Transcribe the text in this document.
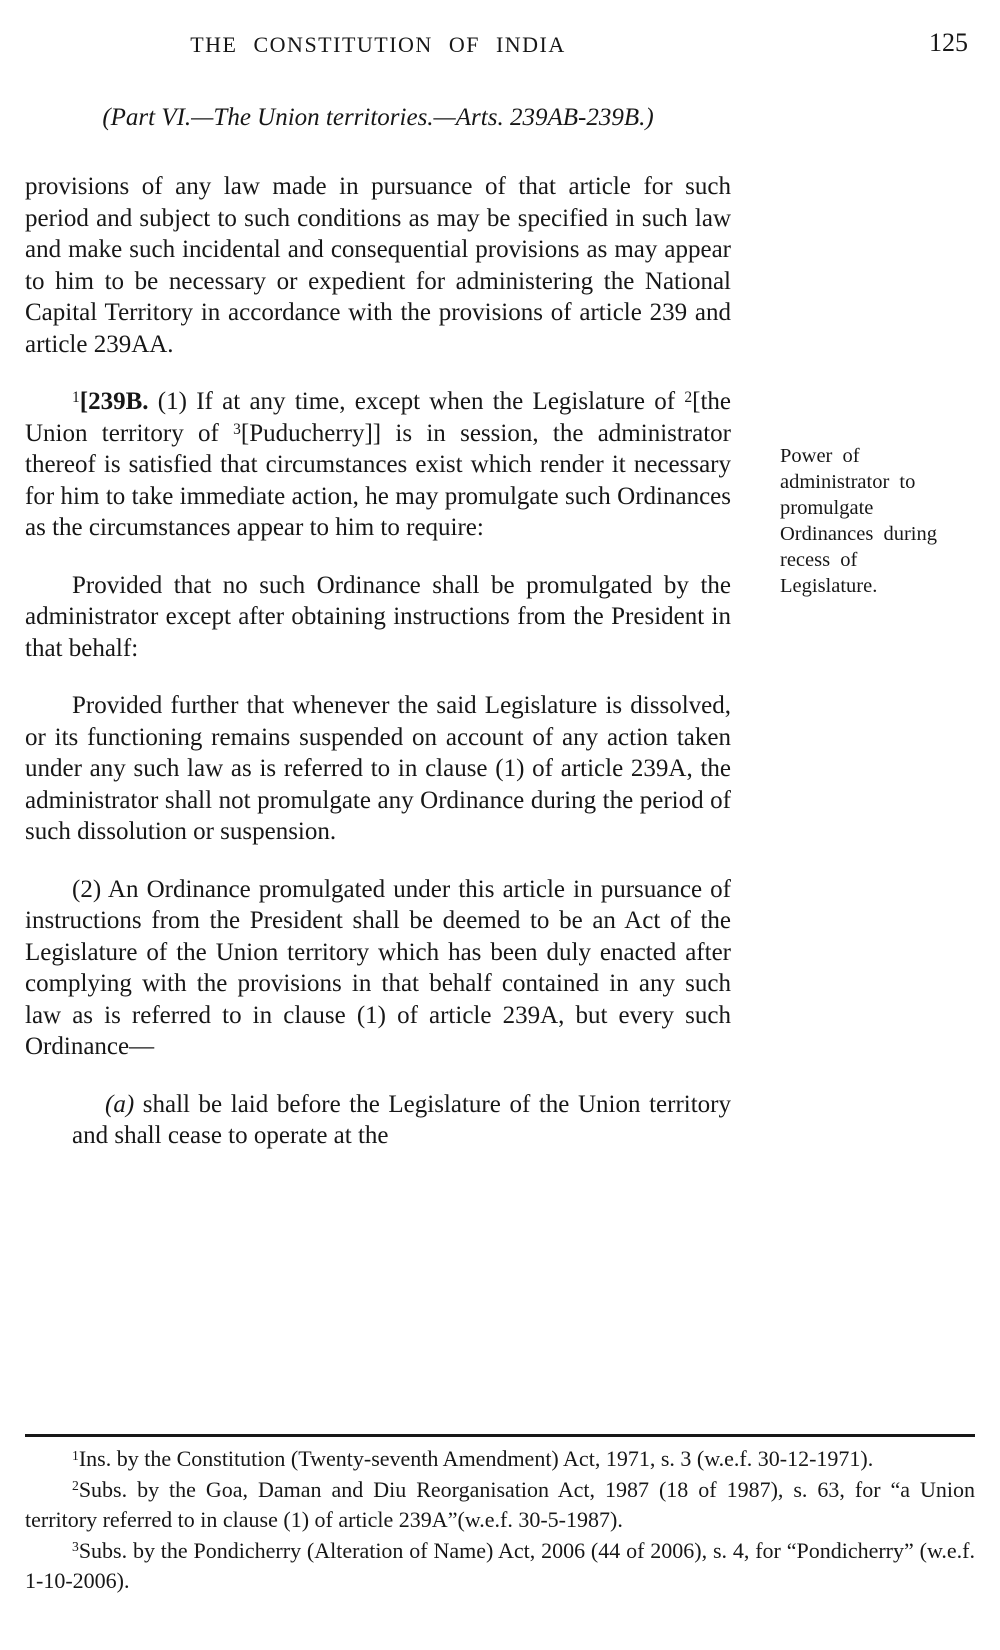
THE CONSTITUTION OF INDIA	125
(Part VI.—The Union territories.—Arts. 239AB-239B.)

provisions of any law made in pursuance of that article for such period and subject to such conditions as may be specified in such law and make such incidental and consequential provisions as may appear to him to be necessary or expedient for administering the National Capital Territory in accordance with the provisions of article 239 and article 239AA.

$^1$[239B. (1) If at any time, except when the Legislature of $^2$[the Union territory of $^3$[Puducherry]] is in session, the administrator thereof is satisfied that circumstances exist which render it necessary for him to take immediate action, he may promulgate such Ordinances as the circumstances appear to him to require:

Provided that no such Ordinance shall be promulgated by the administrator except after obtaining instructions from the President in that behalf:

Provided further that whenever the said Legislature is dissolved, or its functioning remains suspended on account of any action taken under any such law as is referred to in clause (1) of article 239A, the administrator shall not promulgate any Ordinance during the period of such dissolution or suspension.

(2) An Ordinance promulgated under this article in pursuance of instructions from the President shall be deemed to be an Act of the Legislature of the Union territory which has been duly enacted after complying with the provisions in that behalf contained in any such law as is referred to in clause (1) of article 239A, but every such Ordinance—

(a) shall be laid before the Legislature of the Union territory and shall cease to operate at the

Power of
administrator to
promulgate
Ordinances during
recess of
Legislature.

$^1$Ins. by the Constitution (Twenty-seventh Amendment) Act, 1971, s. 3 (w.e.f. 30-12-1971).

$^2$Subs. by the Goa, Daman and Diu Reorganisation Act, 1987 (18 of 1987), s. 63, for “a Union territory referred to in clause (1) of article 239A”(w.e.f. 30-5-1987).

$^3$Subs. by the Pondicherry (Alteration of Name) Act, 2006 (44 of 2006), s. 4, for “Pondicherry” (w.e.f. 1-10-2006).
